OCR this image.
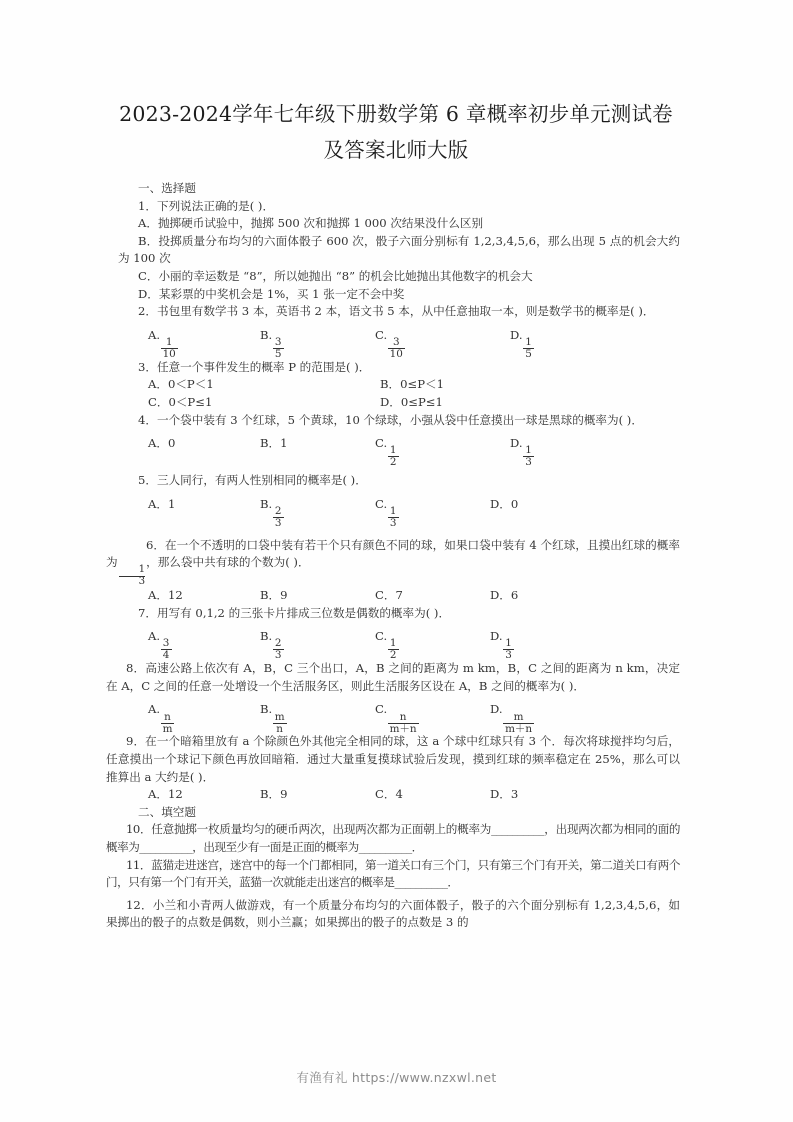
2023-2024学年七年级下册数学第 6 章概率初步单元测试卷
及答案北师大版

一、选择题

1．下列说法正确的是( )．

A．抛掷硬币试验中，抛掷 500 次和抛掷 1 000 次结果没什么区别

B．投掷质量分布均匀的六面体骰子 600 次，骰子六面分别标有 1,2,3,4,5,6，那么出现 5 点的机会大约为 100 次

C．小丽的幸运数是 “8”，所以她抛出 “8” 的机会比她抛出其他数字的机会大

D．某彩票的中奖机会是 1%，买 1 张一定不会中奖

2．书包里有数学书 3 本，英语书 2 本，语文书 5 本，从中任意抽取一本，则是数学书的概率是( )．

A.
$\frac{1}{10}$
B.
$\frac{3}{5}$
C.
$\frac{3}{10}$
D.
$\frac{1}{5}$

3．任意一个事件发生的概率 P 的范围是( )．

A．0＜P＜1	B．0≤P＜1
C．0＜P≤1	D．0≤P≤1

4．一个袋中装有 3 个红球，5 个黄球，10 个绿球，小强从袋中任意摸出一球是黑球的概率为( )．

A．0	B．1	C.
$\frac{1}{2}$
D.
$\frac{1}{3}$

5．三人同行，有两人性别相同的概率是( )．

A．1	B.
$\frac{2}{3}$
C.
$\frac{1}{3}$
D．0

6．在一个不透明的口袋中装有若干个只有颜色不同的球，如果口袋中装有 4 个红球，且摸出红球的概率为
$\frac{1}{3}$
，那么袋中共有球的个数为( )．

A．12	B．9	C．7	D．6

7．用写有 0,1,2 的三张卡片排成三位数是偶数的概率为( )．

A.
$\frac{3}{4}$
B.
$\frac{2}{3}$
C.
$\frac{1}{2}$
D.
$\frac{1}{3}$

8．高速公路上依次有 A，B，C 三个出口，A，B 之间的距离为 m km，B，C 之间的距离为 n km，决定在 A，C 之间的任意一处增设一个生活服务区，则此生活服务区设在 A，B 之间的概率为( )．

A.
$\frac{n}{m}$
B.
$\frac{m}{n}$
C.
$\frac{n}{m+n}$
D.
$\frac{m}{m+n}$

9．在一个暗箱里放有 a 个除颜色外其他完全相同的球，这 a 个球中红球只有 3 个．每次将球搅拌均匀后，任意摸出一个球记下颜色再放回暗箱．通过大量重复摸球试验后发现，摸到红球的频率稳定在 25%，那么可以推算出 a 大约是( )．

A．12	B．9	C．4	D．3

二、填空题

10．任意抛掷一枚质量均匀的硬币两次，出现两次都为正面朝上的概率为__________，出现两次都为相同的面的概率为__________，出现至少有一面是正面的概率为__________．

11．蓝猫走进迷宫，迷宫中的每一个门都相同，第一道关口有三个门，只有第三个门有开关，第二道关口有两个门，只有第一个门有开关，蓝猫一次就能走出迷宫的概率是__________．

12．小兰和小青两人做游戏，有一个质量分布均匀的六面体骰子，骰子的六个面分别标有 1,2,3,4,5,6，如果掷出的骰子的点数是偶数，则小兰赢；如果掷出的骰子的点数是 3 的

有渔有礼 https://www.nzxwl.net
